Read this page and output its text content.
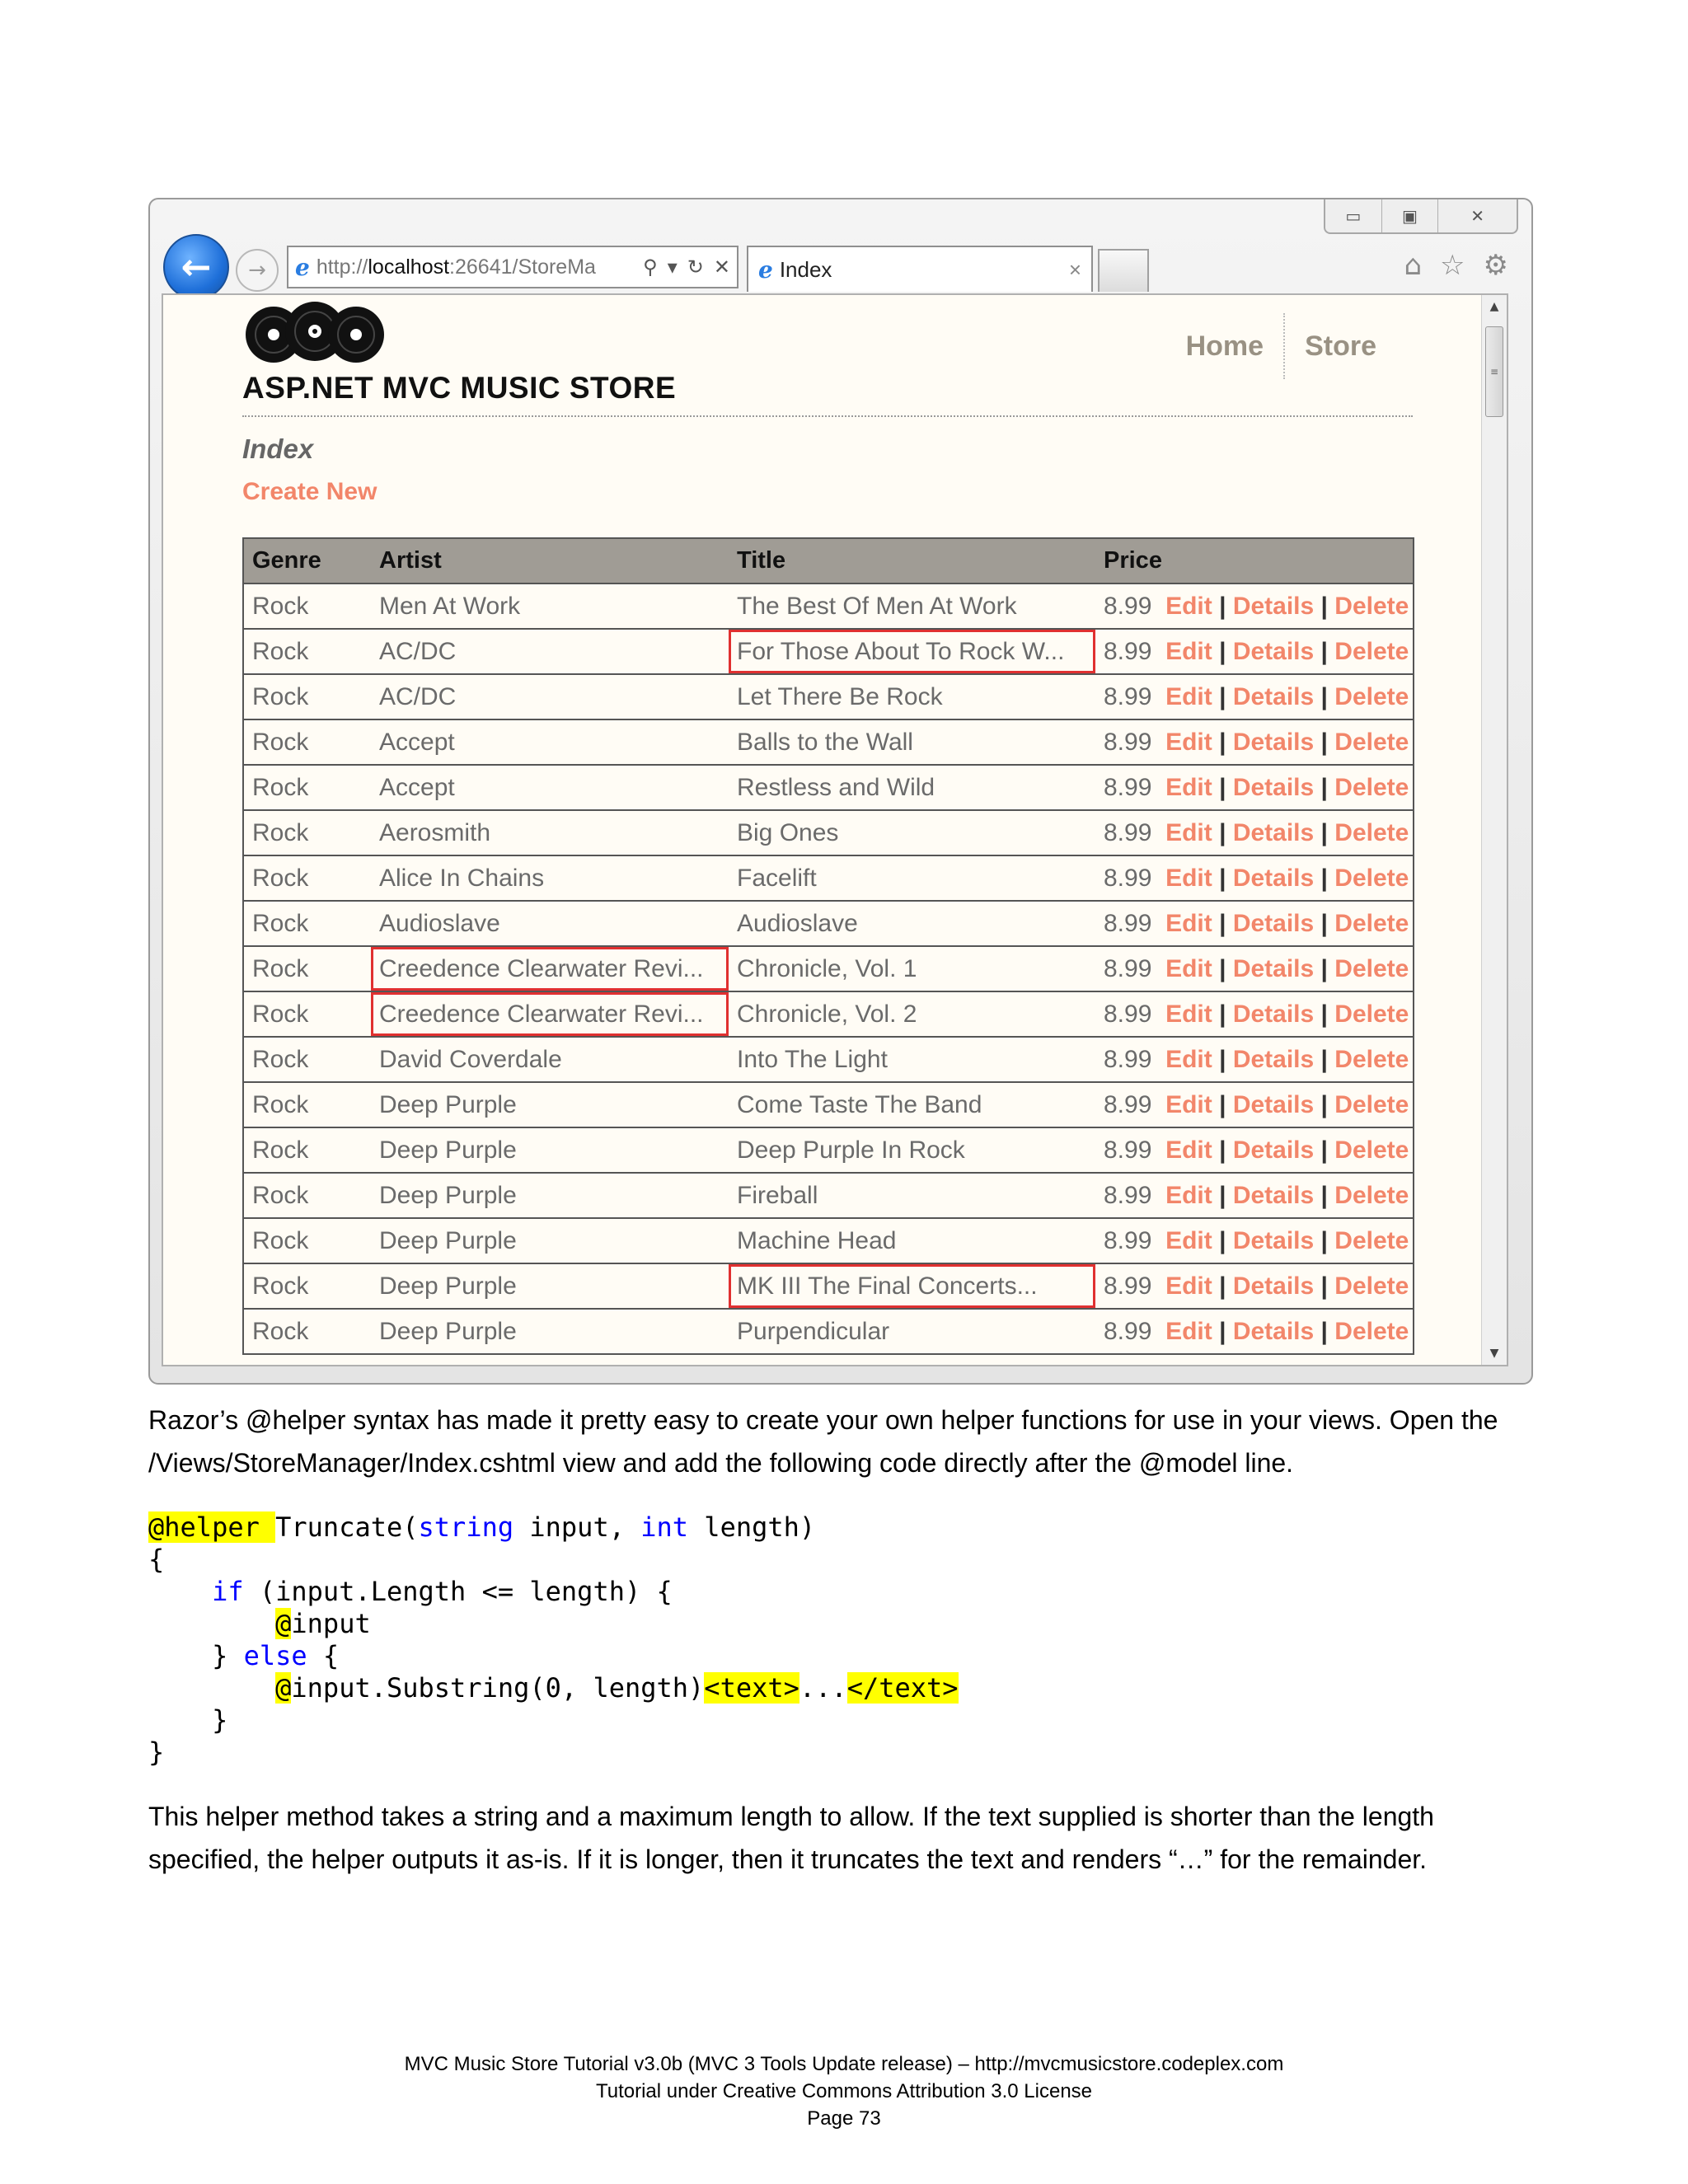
▭	▣	✕
← → e http://localhost:26641/StoreMa	⚲ ▾ ↻ ✕ e Index	×	⌂ ☆ ⚙
ASP.NET MVC MUSIC STORE
Home	Store
Index
Create New
Genre	Artist	Title	Price
Rock	Men At Work	The Best Of Men At Work	8.99 Edit | Details | Delete
Rock	AC/DC	For Those About To Rock W...	8.99 Edit | Details | Delete
Rock	AC/DC	Let There Be Rock	8.99 Edit | Details | Delete
Rock	Accept	Balls to the Wall	8.99 Edit | Details | Delete
Rock	Accept	Restless and Wild	8.99 Edit | Details | Delete
Rock	Aerosmith	Big Ones	8.99 Edit | Details | Delete
Rock	Alice In Chains	Facelift	8.99 Edit | Details | Delete
Rock	Audioslave	Audioslave	8.99 Edit | Details | Delete
Rock	Creedence Clearwater Revi...	Chronicle, Vol. 1	8.99 Edit | Details | Delete
Rock	Creedence Clearwater Revi...	Chronicle, Vol. 2	8.99 Edit | Details | Delete
Rock	David Coverdale	Into The Light	8.99 Edit | Details | Delete
Rock	Deep Purple	Come Taste The Band	8.99 Edit | Details | Delete
Rock	Deep Purple	Deep Purple In Rock	8.99 Edit | Details | Delete
Rock	Deep Purple	Fireball	8.99 Edit | Details | Delete
Rock	Deep Purple	Machine Head	8.99 Edit | Details | Delete
Rock	Deep Purple	MK III The Final Concerts...	8.99 Edit | Details | Delete
Rock	Deep Purple	Purpendicular	8.99 Edit | Details | Delete
▲
≡
▼
Razor’s @helper syntax has made it pretty easy to create your own helper functions for use in your views. Open the /Views/StoreManager/Index.cshtml view and add the following code directly after the @model line.
@helper Truncate(string input, int length)
{
if (input.Length <= length) {
@input
} else {
@input.Substring(0, length)<text>...</text>
}
}
This helper method takes a string and a maximum length to allow. If the text supplied is shorter than the length specified, the helper outputs it as-is. If it is longer, then it truncates the text and renders “…” for the remainder.
MVC Music Store Tutorial v3.0b (MVC 3 Tools Update release) – http://mvcmusicstore.codeplex.com
Tutorial under Creative Commons Attribution 3.0 License
Page 73
